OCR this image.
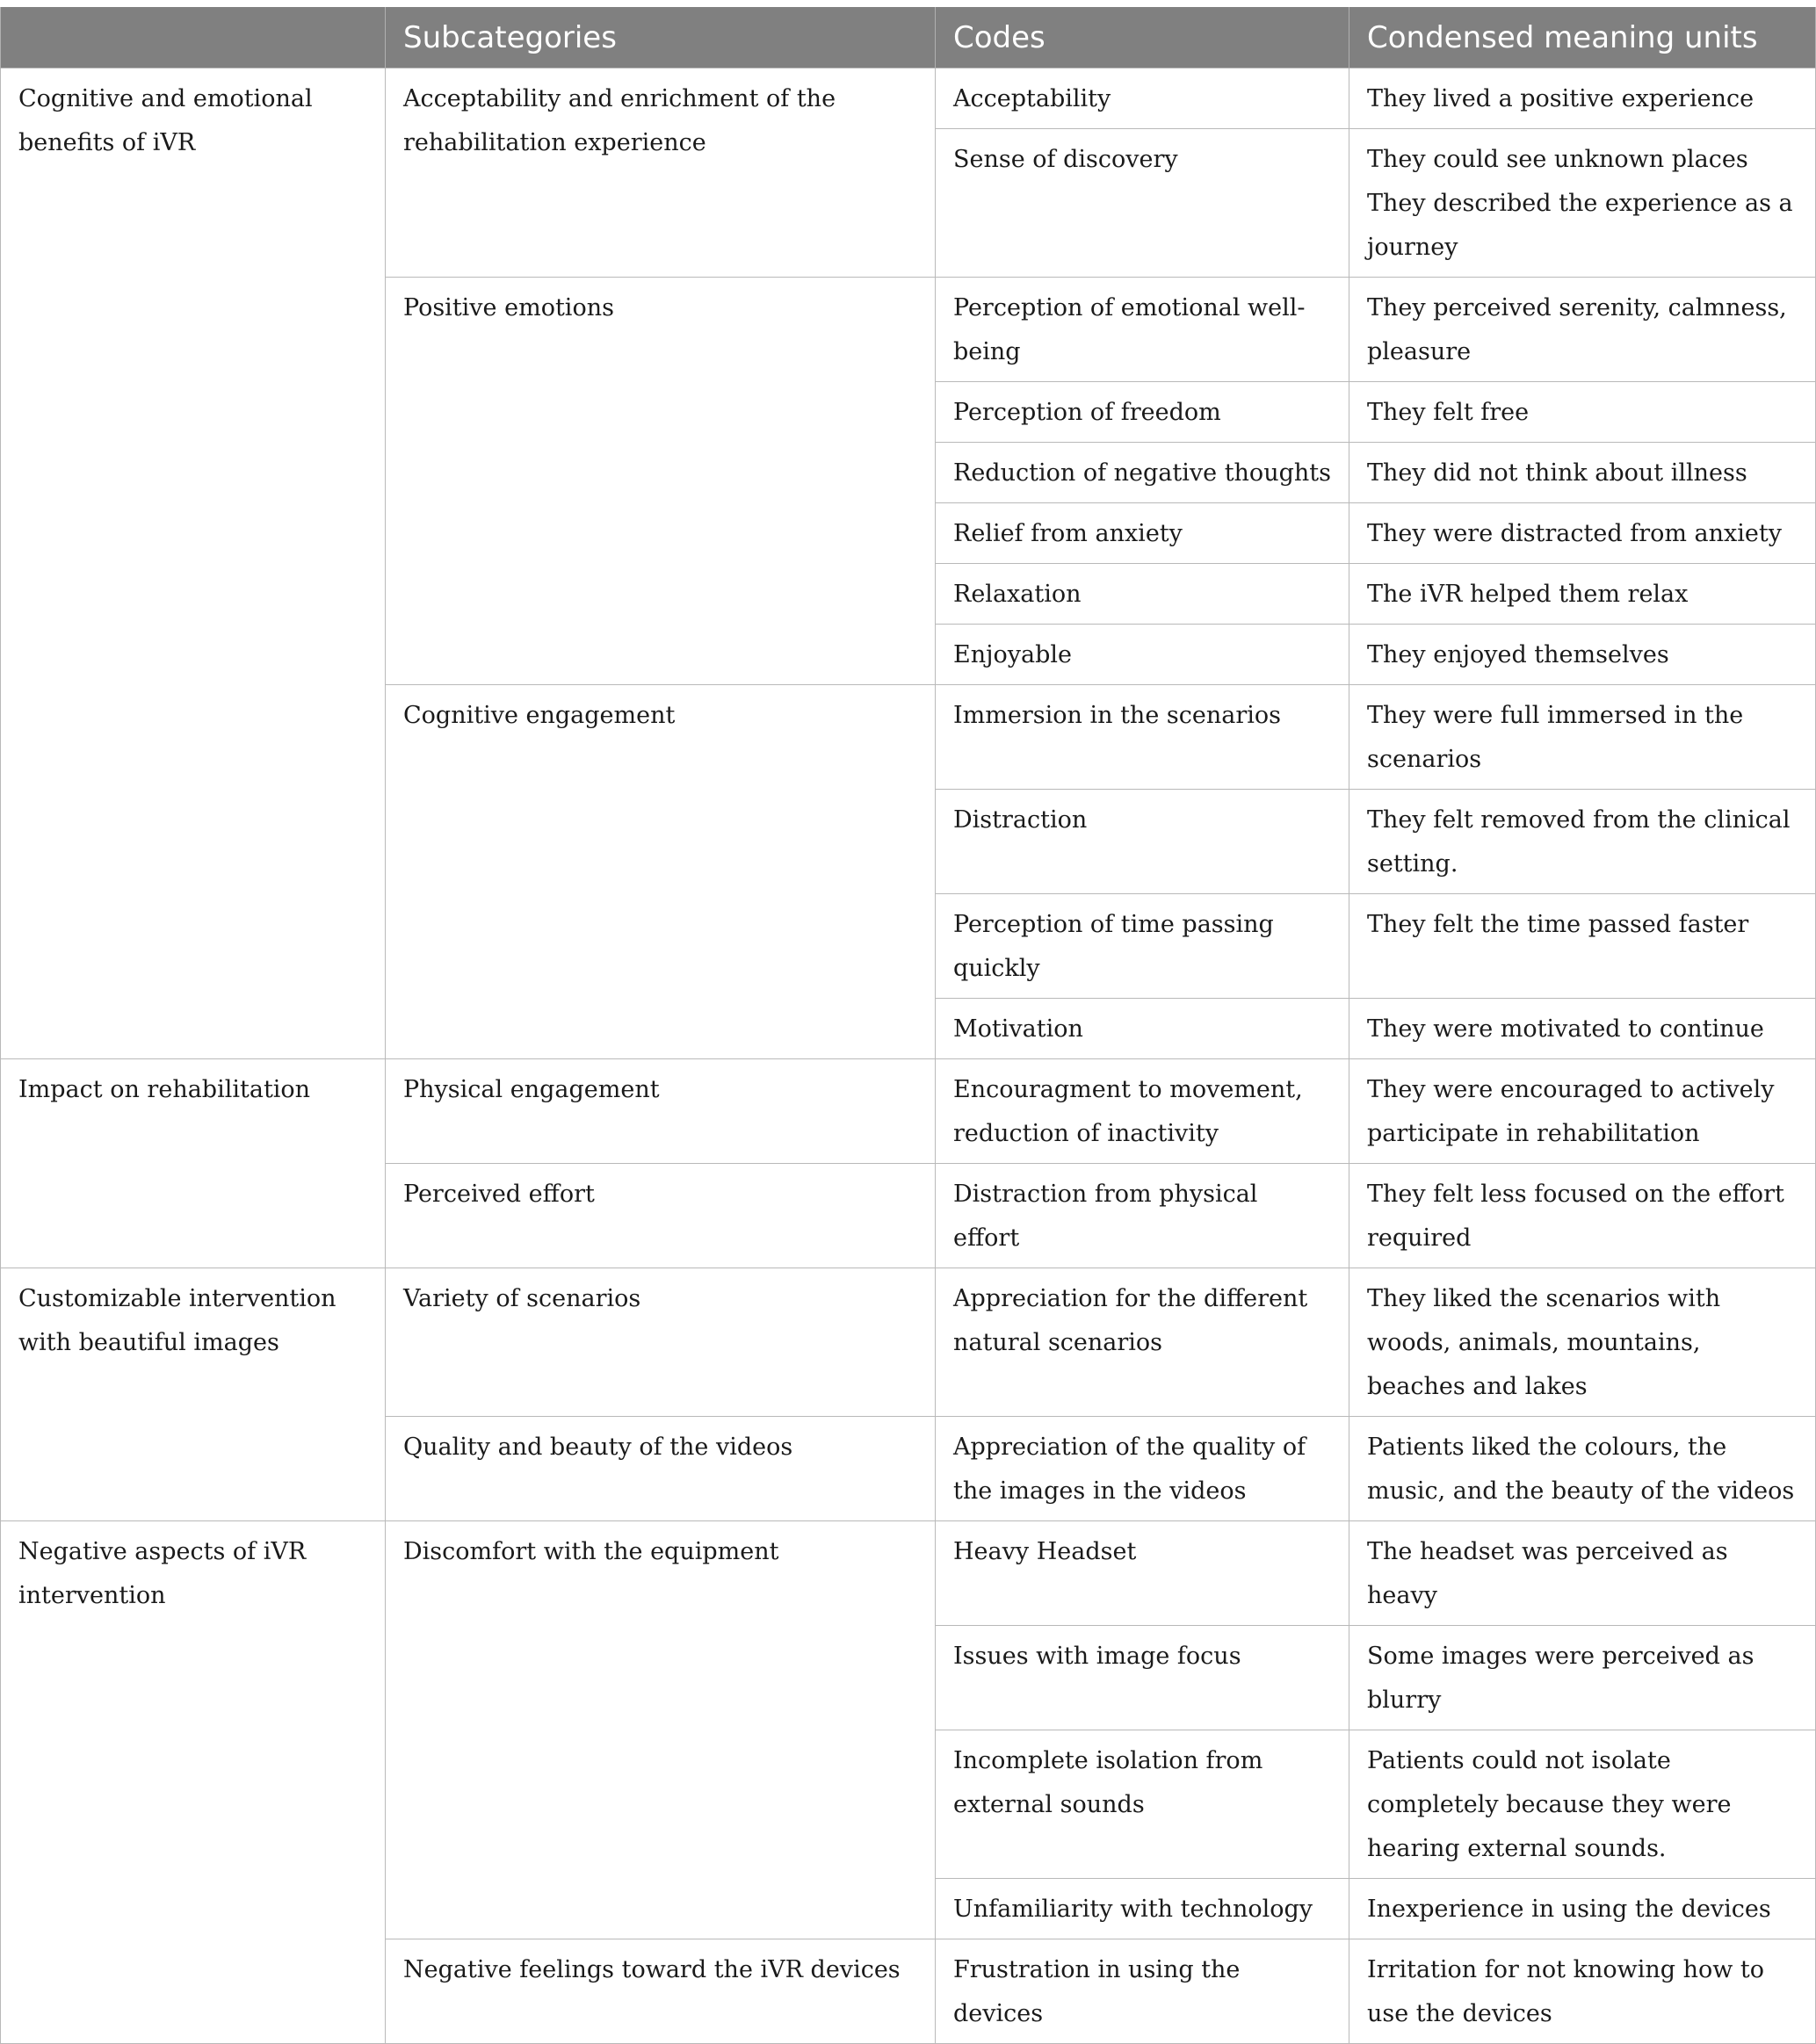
	Subcategories	Codes	Condensed meaning units
Cognitive and emotional benefits of iVR	Acceptability and enrichment of the rehabilitation experience	Acceptability	They lived a positive experience

		Sense of discovery	They could see unknown places
They described the experience as a journey

	Positive emotions	Perception of emotional well-being	They perceived serenity, calmness, pleasure

		Perception of freedom	They felt free

		Reduction of negative thoughts	They did not think about illness

		Relief from anxiety	They were distracted from anxiety

		Relaxation	The iVR helped them relax

		Enjoyable	They enjoyed themselves

	Cognitive engagement	Immersion in the scenarios	They were full immersed in the scenarios

		Distraction	They felt removed from the clinical setting.

		Perception of time passing quickly	They felt the time passed faster

		Motivation	They were motivated to continue

Impact on rehabilitation	Physical engagement	Encouragment to movement, reduction of inactivity	They were encouraged to actively participate in rehabilitation

	Perceived effort	Distraction from physical effort	They felt less focused on the effort required

Customizable intervention with beautiful images	Variety of scenarios	Appreciation for the different natural scenarios	They liked the scenarios with woods, animals, mountains, beaches and lakes

	Quality and beauty of the videos	Appreciation of the quality of the images in the videos	Patients liked the colours, the music, and the beauty of the videos

Negative aspects of iVR intervention	Discomfort with the equipment	Heavy Headset	The headset was perceived as heavy

		Issues with image focus	Some images were perceived as blurry

		Incomplete isolation from external sounds	Patients could not isolate completely because they were hearing external sounds.

		Unfamiliarity with technology	Inexperience in using the devices

	Negative feelings toward the iVR devices	Frustration in using the devices	Irritation for not knowing how to use the devices
